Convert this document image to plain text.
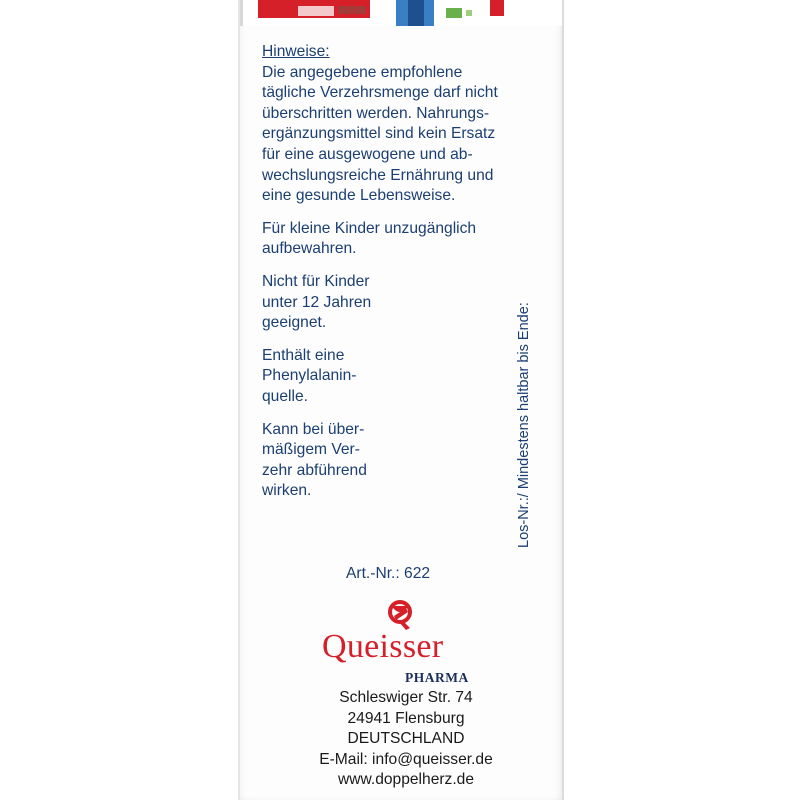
Hinweise:

Die angegebene empfohlene
tägliche Verzehrsmenge darf nicht
überschritten werden. Nahrungs-
ergänzungsmittel sind kein Ersatz
für eine ausgewogene und ab-
wechslungsreiche Ernährung und
eine gesunde Lebensweise.

Für kleine Kinder unzugänglich
aufbewahren.

Nicht für Kinder
unter 12 Jahren
geeignet.

Enthält eine
Phenylalanin-
quelle.

Kann bei über-
mäßigem Ver-
zehr abführend
wirken.	Los-Nr.:/ Mindestens haltbar bis Ende:
Art.-Nr.: 622
Queisser
PHARMA
Schleswiger Str. 74
24941 Flensburg
DEUTSCHLAND
E-Mail: info@queisser.de
www.doppelherz.de
